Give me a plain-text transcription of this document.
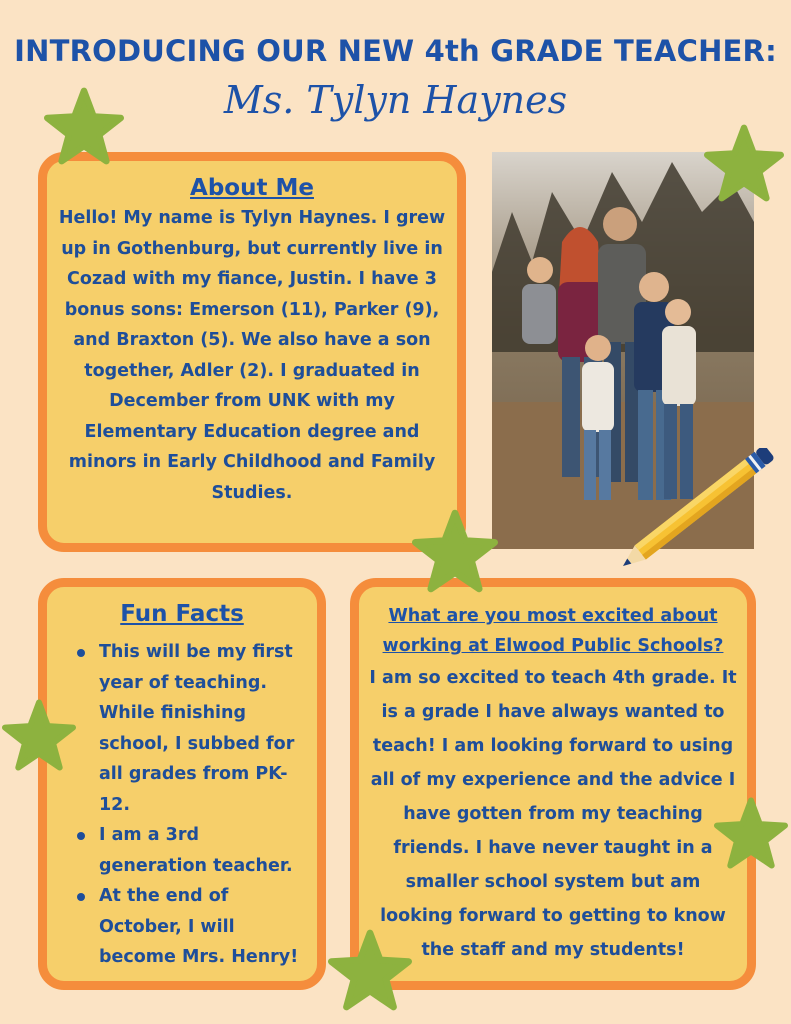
INTRODUCING OUR NEW 4th GRADE TEACHER:
Ms. Tylyn Haynes
About Me

Hello! My name is Tylyn Haynes. I grew up in Gothenburg, but currently live in Cozad with my fiance, Justin. I have 3 bonus sons: Emerson (11), Parker (9), and Braxton (5). We also have a son together, Adler (2). I graduated in December from UNK with my Elementary Education degree and minors in Early Childhood and Family Studies.

Fun Facts
This will be my first year of teaching. While finishing school, I subbed for all grades from PK-12.
I am a 3rd generation teacher.
At the end of October, I will become Mrs. Henry!
What are you most excited about working at Elwood Public Schools?

I am so excited to teach 4th grade. It is a grade I have always wanted to teach! I am looking forward to using all of my experience and the advice I have gotten from my teaching friends. I have never taught in a smaller school system but am looking forward to getting to know the staff and my students!
